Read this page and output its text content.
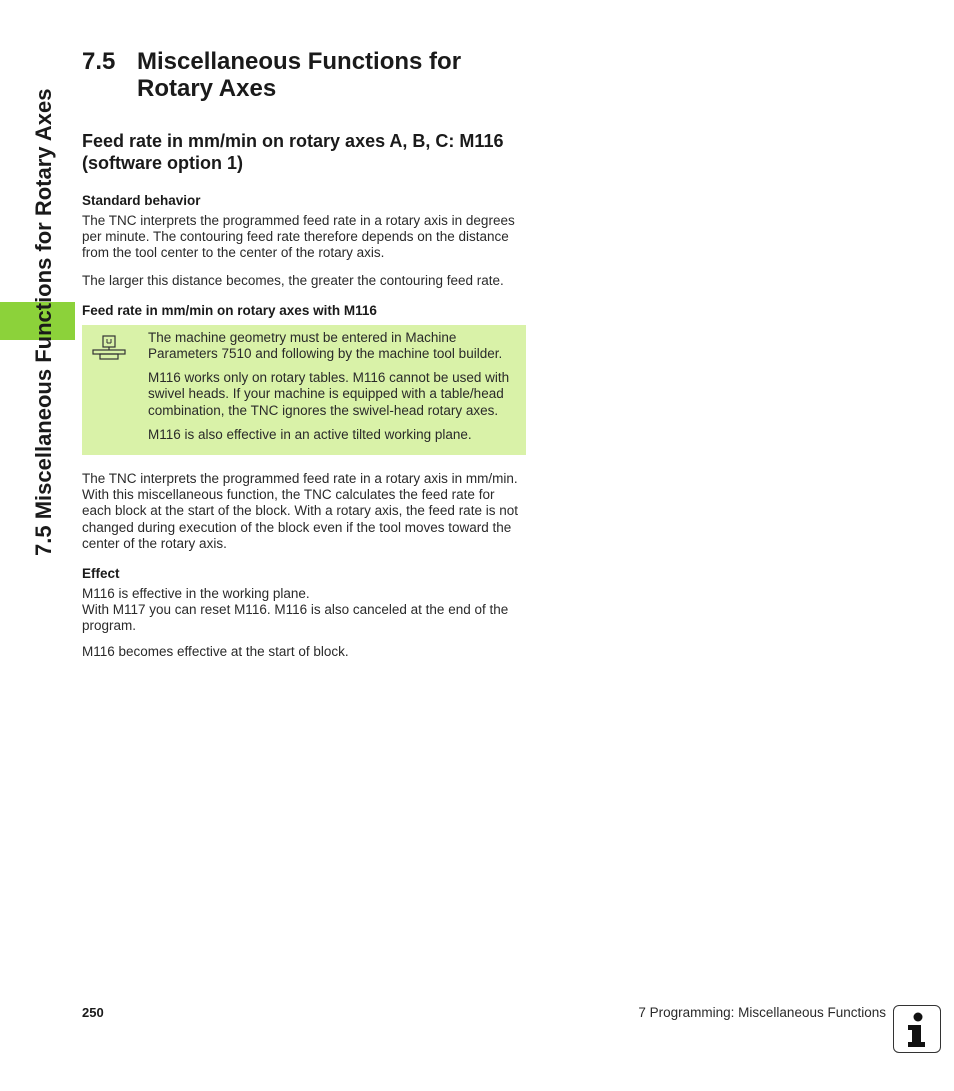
7.5 Miscellaneous Functions for Rotary Axes
7.5 Miscellaneous Functions for Rotary Axes
Feed rate in mm/min on rotary axes A, B, C: M116 (software option 1)
Standard behavior

The TNC interprets the programmed feed rate in a rotary axis in degrees per minute. The contouring feed rate therefore depends on the distance from the tool center to the center of the rotary axis.

The larger this distance becomes, the greater the contouring feed rate.

Feed rate in mm/min on rotary axes with M116

The machine geometry must be entered in Machine Parameters 7510 and following by the machine tool builder.

M116 works only on rotary tables. M116 cannot be used with swivel heads. If your machine is equipped with a table/head combination, the TNC ignores the swivel-head rotary axes.

M116 is also effective in an active tilted working plane.

The TNC interprets the programmed feed rate in a rotary axis in mm/min. With this miscellaneous function, the TNC calculates the feed rate for each block at the start of the block. With a rotary axis, the feed rate is not changed during execution of the block even if the tool moves toward the center of the rotary axis.

Effect

M116 is effective in the working plane.
With M117 you can reset M116. M116 is also canceled at the end of the program.

M116 becomes effective at the start of block.

250	7 Programming: Miscellaneous Functions
